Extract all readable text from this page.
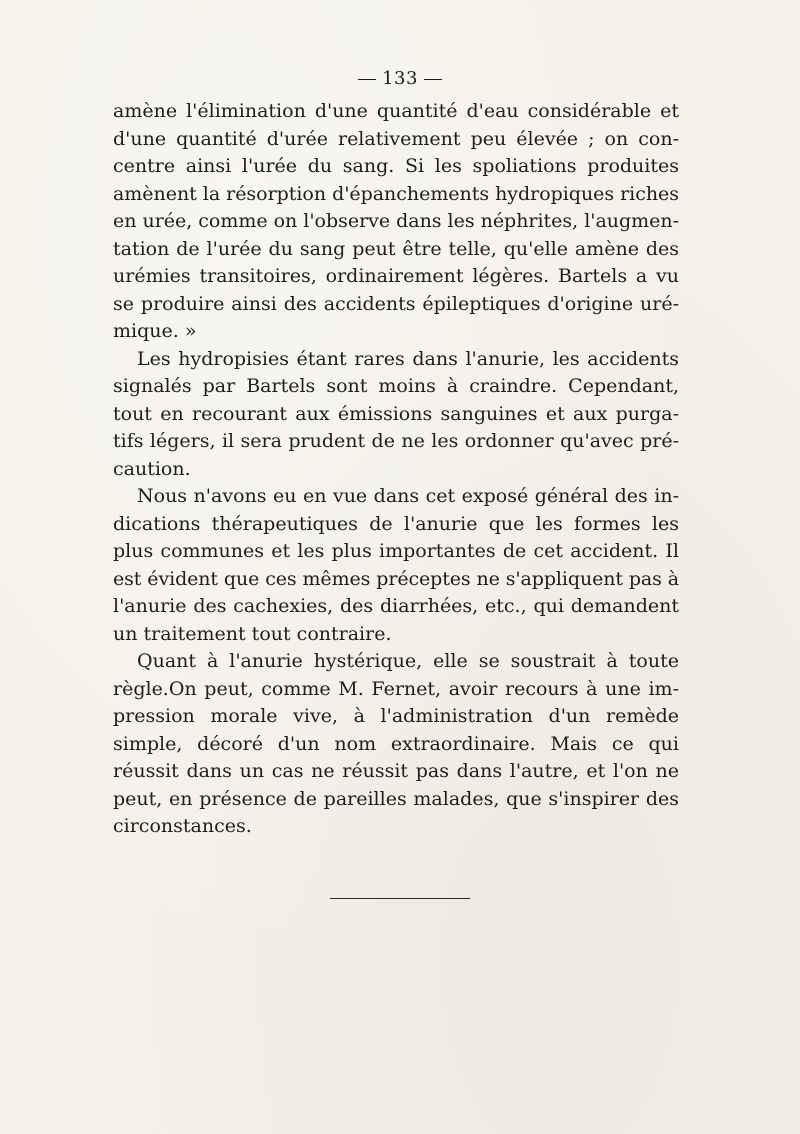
133

amène l'élimination d'une quantité d'eau considérable et
d'une quantité d'urée relativement peu élevée ; on con-
centre ainsi l'urée du sang. Si les spoliations produites
amènent la résorption d'épanchements hydropiques riches
en urée, comme on l'observe dans les néphrites, l'augmen-
tation de l'urée du sang peut être telle, qu'elle amène des
urémies transitoires, ordinairement légères. Bartels a vu
se produire ainsi des accidents épileptiques d'origine uré-
mique. »

Les hydropisies étant rares dans l'anurie, les accidents
signalés par Bartels sont moins à craindre. Cependant,
tout en recourant aux émissions sanguines et aux purga-
tifs légers, il sera prudent de ne les ordonner qu'avec pré-
caution.

Nous n'avons eu en vue dans cet exposé général des in-
dications thérapeutiques de l'anurie que les formes les
plus communes et les plus importantes de cet accident. Il
est évident que ces mêmes préceptes ne s'appliquent pas à
l'anurie des cachexies, des diarrhées, etc., qui demandent
un traitement tout contraire.

Quant à l'anurie hystérique, elle se soustrait à toute
règle.On peut, comme M. Fernet, avoir recours à une im-
pression morale vive, à l'administration d'un remède
simple, décoré d'un nom extraordinaire. Mais ce qui
réussit dans un cas ne réussit pas dans l'autre, et l'on ne
peut, en présence de pareilles malades, que s'inspirer des
circonstances.
